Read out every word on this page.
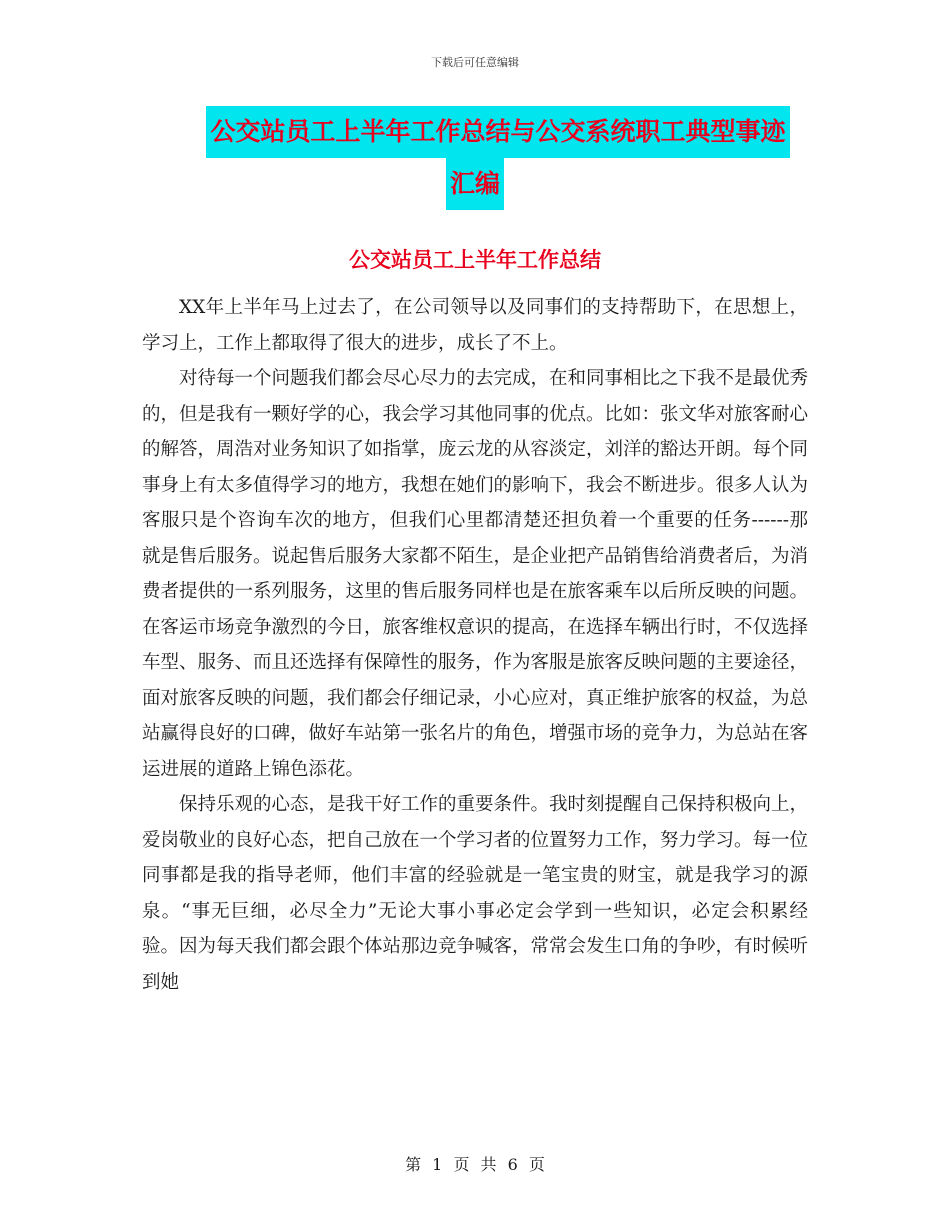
下载后可任意编辑
公交站员工上半年工作总结与公交系统职工典型事迹
汇编
公交站员工上半年工作总结

XX年上半年马上过去了，在公司领导以及同事们的支持帮助下，在思想上，学习上，工作上都取得了很大的进步，成长了不上。

对待每一个问题我们都会尽心尽力的去完成，在和同事相比之下我不是最优秀的，但是我有一颗好学的心，我会学习其他同事的优点。比如：张文华对旅客耐心的解答，周浩对业务知识了如指掌，庞云龙的从容淡定，刘洋的豁达开朗。每个同事身上有太多值得学习的地方，我想在她们的影响下，我会不断进步。很多人认为客服只是个咨询车次的地方，但我们心里都清楚还担负着一个重要的任务------那就是售后服务。说起售后服务大家都不陌生，是企业把产品销售给消费者后，为消费者提供的一系列服务，这里的售后服务同样也是在旅客乘车以后所反映的问题。在客运市场竞争激烈的今日，旅客维权意识的提高，在选择车辆出行时，不仅选择车型、服务、而且还选择有保障性的服务，作为客服是旅客反映问题的主要途径，面对旅客反映的问题，我们都会仔细记录，小心应对，真正维护旅客的权益，为总站赢得良好的口碑，做好车站第一张名片的角色，增强市场的竞争力，为总站在客运进展的道路上锦色添花。

保持乐观的心态，是我干好工作的重要条件。我时刻提醒自己保持积极向上，爱岗敬业的良好心态，把自己放在一个学习者的位置努力工作，努力学习。每一位同事都是我的指导老师，他们丰富的经验就是一笔宝贵的财宝，就是我学习的源泉。“事无巨细，必尽全力”无论大事小事必定会学到一些知识，必定会积累经验。因为每天我们都会跟个体站那边竞争喊客，常常会发生口角的争吵，有时候听到她

第 1 页 共 6 页
